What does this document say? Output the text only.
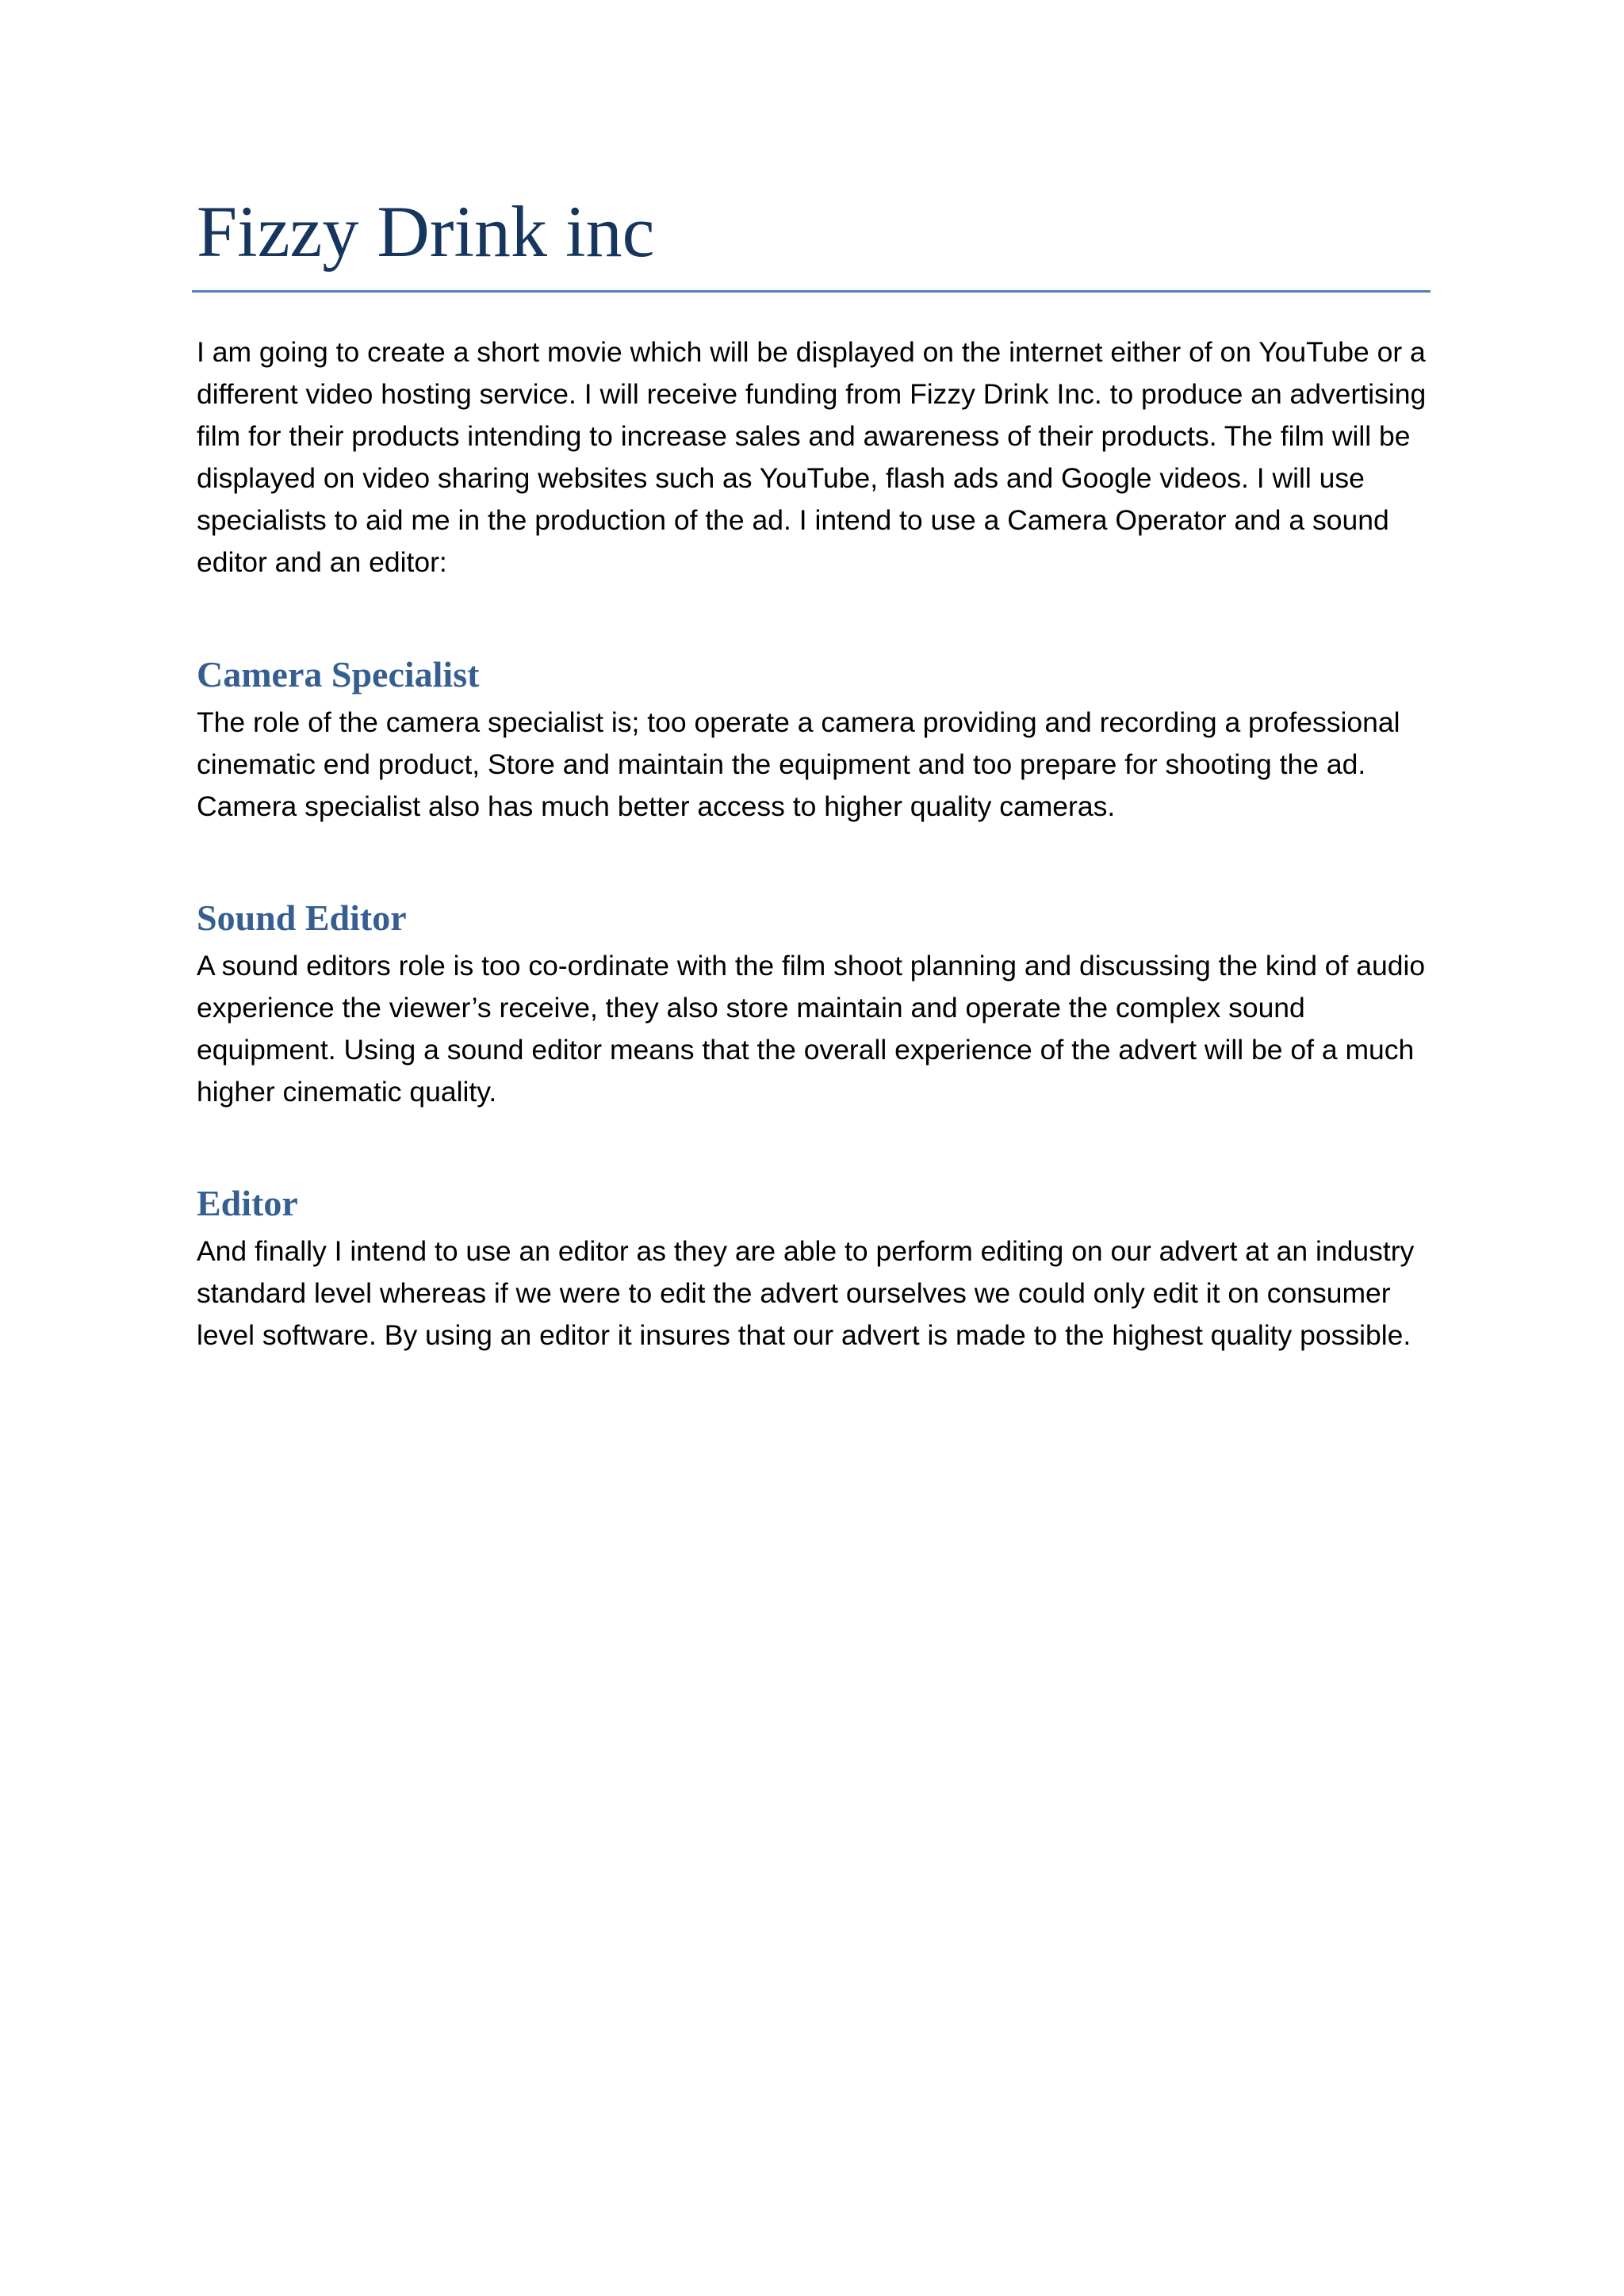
Fizzy Drink inc

I am going to create a short movie which will be displayed on the internet either of on YouTube or a
different video hosting service. I will receive funding from Fizzy Drink Inc. to produce an advertising
film for their products intending to increase sales and awareness of their products. The film will be
displayed on video sharing websites such as YouTube, flash ads and Google videos. I will use
specialists to aid me in the production of the ad. I intend to use a Camera Operator and a sound
editor and an editor:

Camera Specialist

The role of the camera specialist is; too operate a camera providing and recording a professional
cinematic end product, Store and maintain the equipment and too prepare for shooting the ad.
Camera specialist also has much better access to higher quality cameras.

Sound Editor

A sound editors role is too co-ordinate with the film shoot planning and discussing the kind of audio
experience the viewer’s receive, they also store maintain and operate the complex sound
equipment. Using a sound editor means that the overall experience of the advert will be of a much
higher cinematic quality.

Editor

And finally I intend to use an editor as they are able to perform editing on our advert at an industry
standard level whereas if we were to edit the advert ourselves we could only edit it on consumer
level software. By using an editor it insures that our advert is made to the highest quality possible.
